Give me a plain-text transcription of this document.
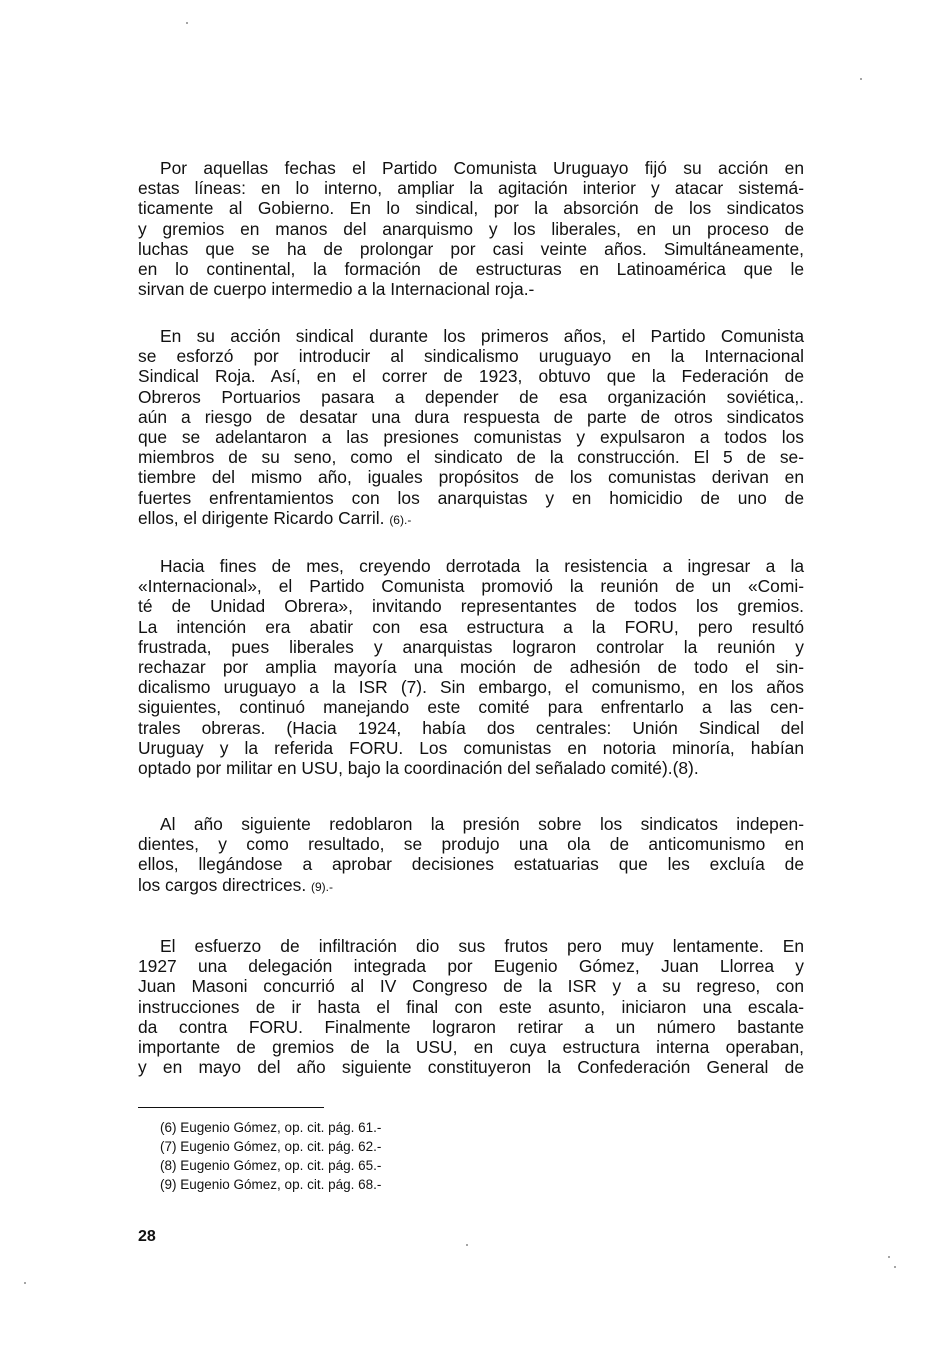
Por aquellas fechas el Partido Comunista Uruguayo fijó su acción en
estas líneas: en lo interno, ampliar la agitación interior y atacar sistemá-
ticamente al Gobierno. En lo sindical, por la absorción de los sindicatos
y gremios en manos del anarquismo y los liberales, en un proceso de
luchas que se ha de prolongar por casi veinte años. Simultáneamente,
en lo continental, la formación de estructuras en Latinoamérica que le
sirvan de cuerpo intermedio a la Internacional roja.-
En su acción sindical durante los primeros años, el Partido Comunista
se esforzó por introducir al sindicalismo uruguayo en la Internacional
Sindical Roja. Así, en el correr de 1923, obtuvo que la Federación de
Obreros Portuarios pasara a depender de esa organización soviética,.
aún a riesgo de desatar una dura respuesta de parte de otros sindicatos
que se adelantaron a las presiones comunistas y expulsaron a todos los
miembros de su seno, como el sindicato de la construcción. El 5 de se-
tiembre del mismo año, iguales propósitos de los comunistas derivan en
fuertes enfrentamientos con los anarquistas y en homicidio de uno de
ellos, el dirigente Ricardo Carril. (6).-
Hacia fines de mes, creyendo derrotada la resistencia a ingresar a la
«Internacional», el Partido Comunista promovió la reunión de un «Comi-
té de Unidad Obrera», invitando representantes de todos los gremios.
La intención era abatir con esa estructura a la FORU, pero resultó
frustrada, pues liberales y anarquistas lograron controlar la reunión y
rechazar por amplia mayoría una moción de adhesión de todo el sin-
dicalismo uruguayo a la ISR (7). Sin embargo, el comunismo, en los años
siguientes, continuó manejando este comité para enfrentarlo a las cen-
trales obreras. (Hacia 1924, había dos centrales: Unión Sindical del
Uruguay y la referida FORU. Los comunistas en notoria minoría, habían
optado por militar en USU, bajo la coordinación del señalado comité).(8).
Al año siguiente redoblaron la presión sobre los sindicatos indepen-
dientes, y como resultado, se produjo una ola de anticomunismo en
ellos, llegándose a aprobar decisiones estatuarias que les excluía de
los cargos directrices. (9).-
El esfuerzo de infiltración dio sus frutos pero muy lentamente. En
1927 una delegación integrada por Eugenio Gómez, Juan Llorrea y
Juan Masoni concurrió al IV Congreso de la ISR y a su regreso, con
instrucciones de ir hasta el final con este asunto, iniciaron una escala-
da contra FORU. Finalmente lograron retirar a un número bastante
importante de gremios de la USU, en cuya estructura interna operaban,
y en mayo del año siguiente constituyeron la Confederación General de
(6) Eugenio Gómez, op. cit. pág. 61.-
(7) Eugenio Gómez, op. cit. pág. 62.-
(8) Eugenio Gómez, op. cit. pág. 65.-
(9) Eugenio Gómez, op. cit. pág. 68.-
28
